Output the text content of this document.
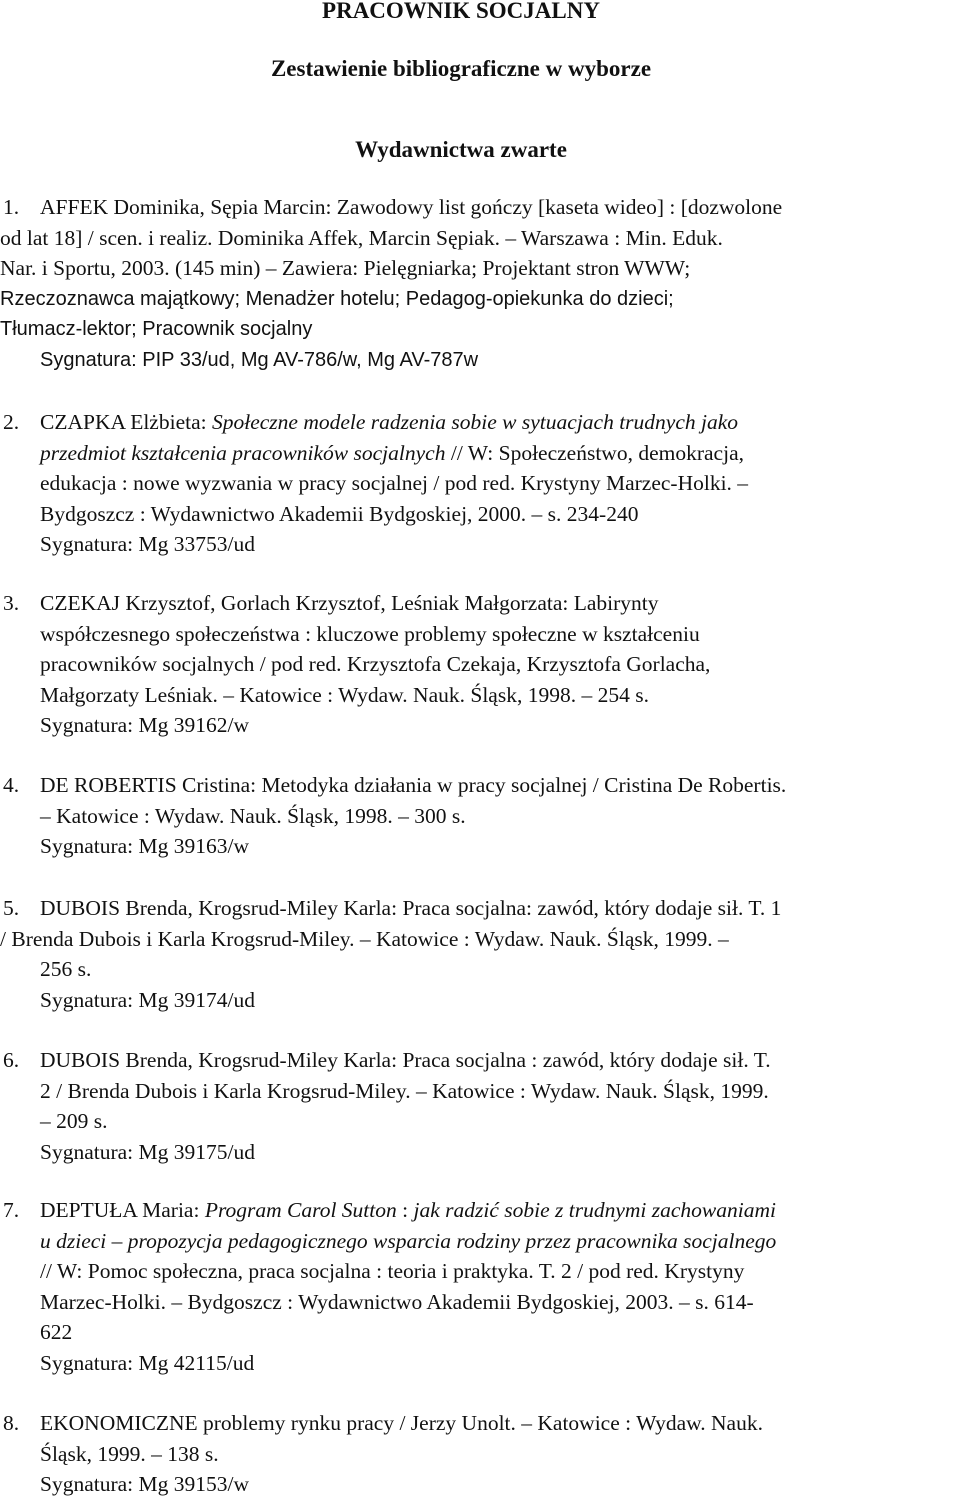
PRACOWNIK SOCJALNY
Zestawienie bibliograficzne w wyborze
Wydawnictwa zwarte
1. AFFEK Dominika, Sępia Marcin: Zawodowy list gończy [kaseta wideo] : [dozwolone

od lat 18] / scen. i realiz. Dominika Affek, Marcin Sępiak. – Warszawa : Min. Eduk.

Nar. i Sportu, 2003. (145 min) – Zawiera: Pielęgniarka; Projektant stron WWW;

Rzeczoznawca majątkowy; Menadżer hotelu; Pedagog-opiekunka do dzieci;

Tłumacz-lektor; Pracownik socjalny

Sygnatura: PIP 33/ud, Mg AV-786/w, Mg AV-787w

2. CZAPKA Elżbieta: Społeczne modele radzenia sobie w sytuacjach trudnych jako

przedmiot kształcenia pracowników socjalnych // W: Społeczeństwo, demokracja,

edukacja : nowe wyzwania w pracy socjalnej / pod red. Krystyny Marzec-Holki. –

Bydgoszcz : Wydawnictwo Akademii Bydgoskiej, 2000. – s. 234-240

Sygnatura: Mg 33753/ud

3. CZEKAJ Krzysztof, Gorlach Krzysztof, Leśniak Małgorzata: Labirynty

współczesnego społeczeństwa : kluczowe problemy społeczne w kształceniu

pracowników socjalnych / pod red. Krzysztofa Czekaja, Krzysztofa Gorlacha,

Małgorzaty Leśniak. – Katowice : Wydaw. Nauk. Śląsk, 1998. – 254 s.

Sygnatura: Mg 39162/w

4. DE ROBERTIS Cristina: Metodyka działania w pracy socjalnej / Cristina De Robertis.

– Katowice : Wydaw. Nauk. Śląsk, 1998. – 300 s.

Sygnatura: Mg 39163/w

5. DUBOIS Brenda, Krogsrud-Miley Karla: Praca socjalna: zawód, który dodaje sił. T. 1

/ Brenda Dubois i Karla Krogsrud-Miley. – Katowice : Wydaw. Nauk. Śląsk, 1999. –

256 s.

Sygnatura: Mg 39174/ud

6. DUBOIS Brenda, Krogsrud-Miley Karla: Praca socjalna : zawód, który dodaje sił. T.

2 / Brenda Dubois i Karla Krogsrud-Miley. – Katowice : Wydaw. Nauk. Śląsk, 1999.

– 209 s.

Sygnatura: Mg 39175/ud

7. DEPTUŁA Maria: Program Carol Sutton : jak radzić sobie z trudnymi zachowaniami

u dzieci – propozycja pedagogicznego wsparcia rodziny przez pracownika socjalnego

// W: Pomoc społeczna, praca socjalna : teoria i praktyka. T. 2 / pod red. Krystyny

Marzec-Holki. – Bydgoszcz : Wydawnictwo Akademii Bydgoskiej, 2003. – s. 614-

622

Sygnatura: Mg 42115/ud

8. EKONOMICZNE problemy rynku pracy / Jerzy Unolt. – Katowice : Wydaw. Nauk.

Śląsk, 1999. – 138 s.

Sygnatura: Mg 39153/w
